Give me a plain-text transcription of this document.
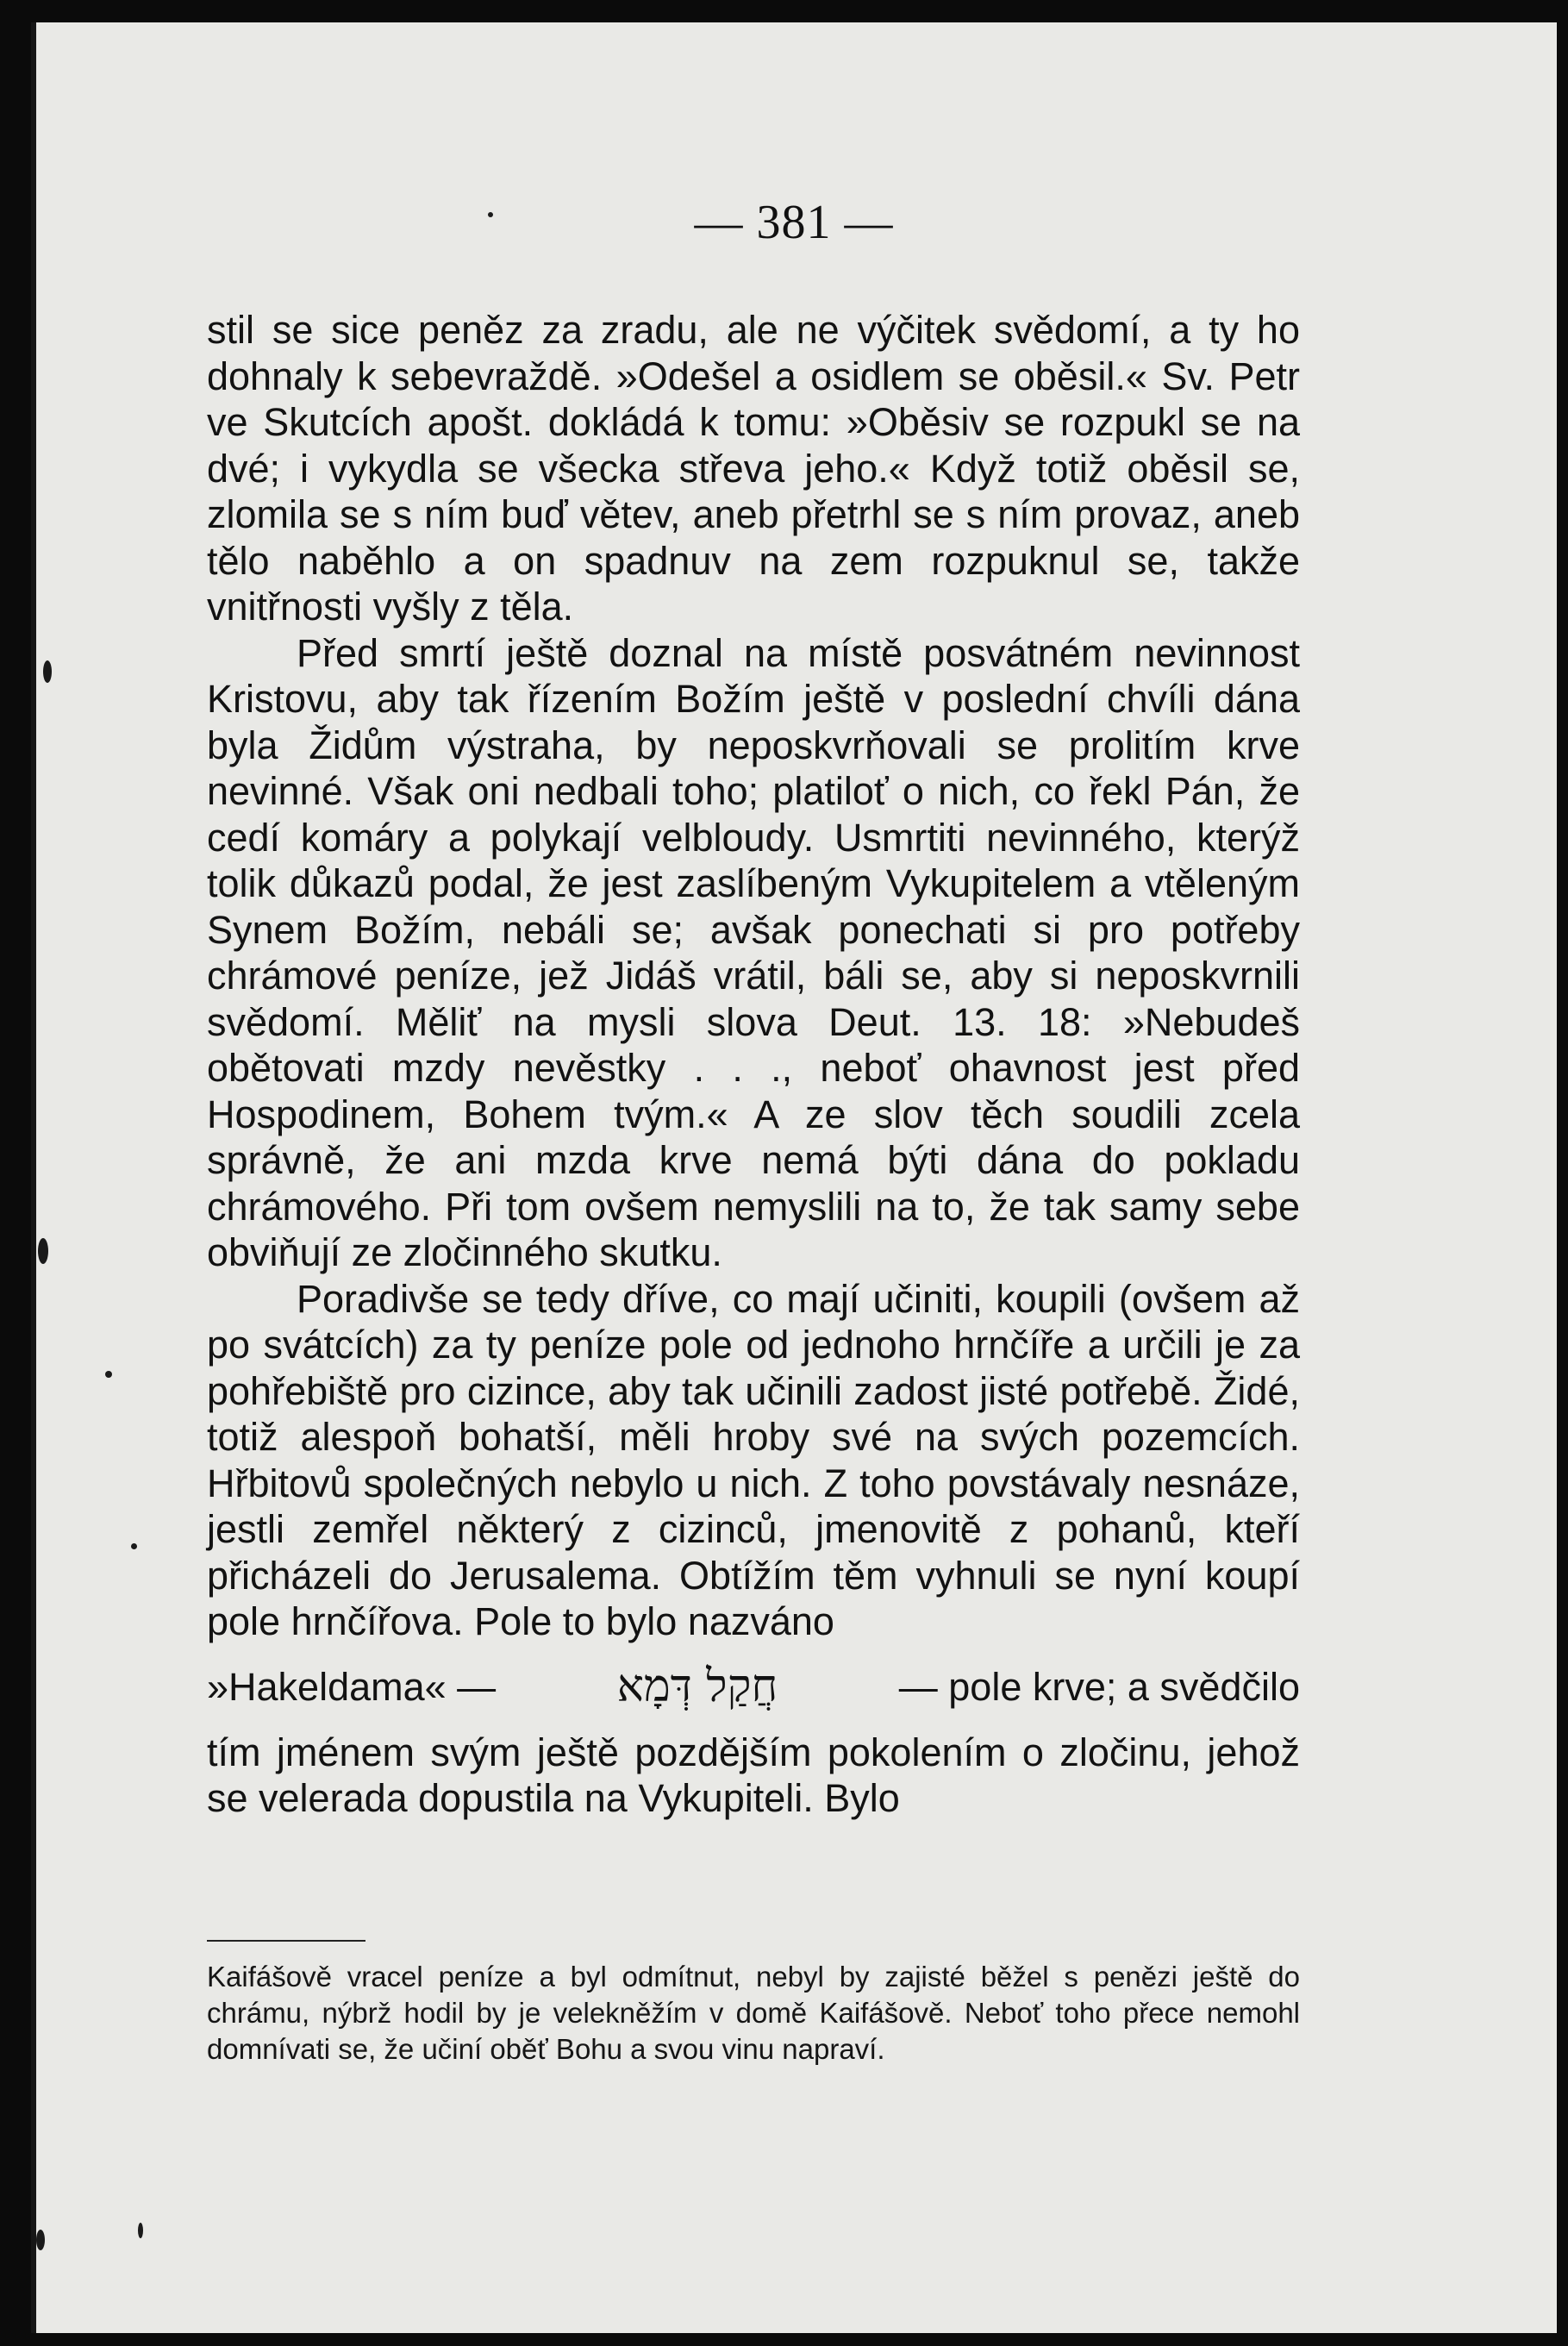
— 381 —

stil se sice peněz za zradu, ale ne výčitek svědomí, a ty ho dohnaly k sebevraždě. »Odešel a osidlem se oběsil.« Sv. Petr ve Skutcích apošt. dokládá k tomu: »Oběsiv se rozpukl se na dvé; i vykydla se všecka střeva jeho.« Když totiž oběsil se, zlomila se s ním buď větev, aneb přetrhl se s ním provaz, aneb tělo naběhlo a on spadnuv na zem rozpuknul se, takže vnitřnosti vyšly z těla.

Před smrtí ještě doznal na místě posvátném nevinnost Kristovu, aby tak řízením Božím ještě v poslední chvíli dána byla Židům výstraha, by neposkvrňovali se prolitím krve nevinné. Však oni nedbali toho; platiloť o nich, co řekl Pán, že cedí komáry a polykají velbloudy. Usmrtiti nevinného, kterýž tolik důkazů podal, že jest zaslíbeným Vykupitelem a vtěleným Synem Božím, nebáli se; avšak ponechati si pro potřeby chrámové peníze, jež Jidáš vrátil, báli se, aby si neposkvrnili svědomí. Měliť na mysli slova Deut. 13. 18: »Nebudeš obětovati mzdy nevěstky . . ., neboť ohavnost jest před Hospodinem, Bohem tvým.« A ze slov těch soudili zcela správně, že ani mzda krve nemá býti dána do pokladu chrámového. Při tom ovšem nemyslili na to, že tak samy sebe obviňují ze zločinného skutku.

Poradivše se tedy dříve, co mají učiniti, koupili (ovšem až po svátcích) za ty peníze pole od jednoho hrnčíře a určili je za pohřebiště pro cizince, aby tak učinili zadost jisté potřebě. Židé, totiž alespoň bohatší, měli hroby své na svých pozemcích. Hřbitovů společných nebylo u nich. Z toho povstávaly nesnáze, jestli zemřel některý z cizinců, jmenovitě z pohanů, kteří přicházeli do Jerusalema. Obtížím těm vyhnuli se nyní koupí pole hrnčířova. Pole to bylo nazváno

»Hakeldama« —	חֲקַל דְּמָא	— pole krve; a svědčilo

tím jménem svým ještě pozdějším pokolením o zločinu, jehož se velerada dopustila na Vykupiteli. Bylo

Kaifášově vracel peníze a byl odmítnut, nebyl by zajisté běžel s penězi ještě do chrámu, nýbrž hodil by je velekněžím v domě Kaifášově. Neboť toho přece nemohl domnívati se, že učiní oběť Bohu a svou vinu napraví.
